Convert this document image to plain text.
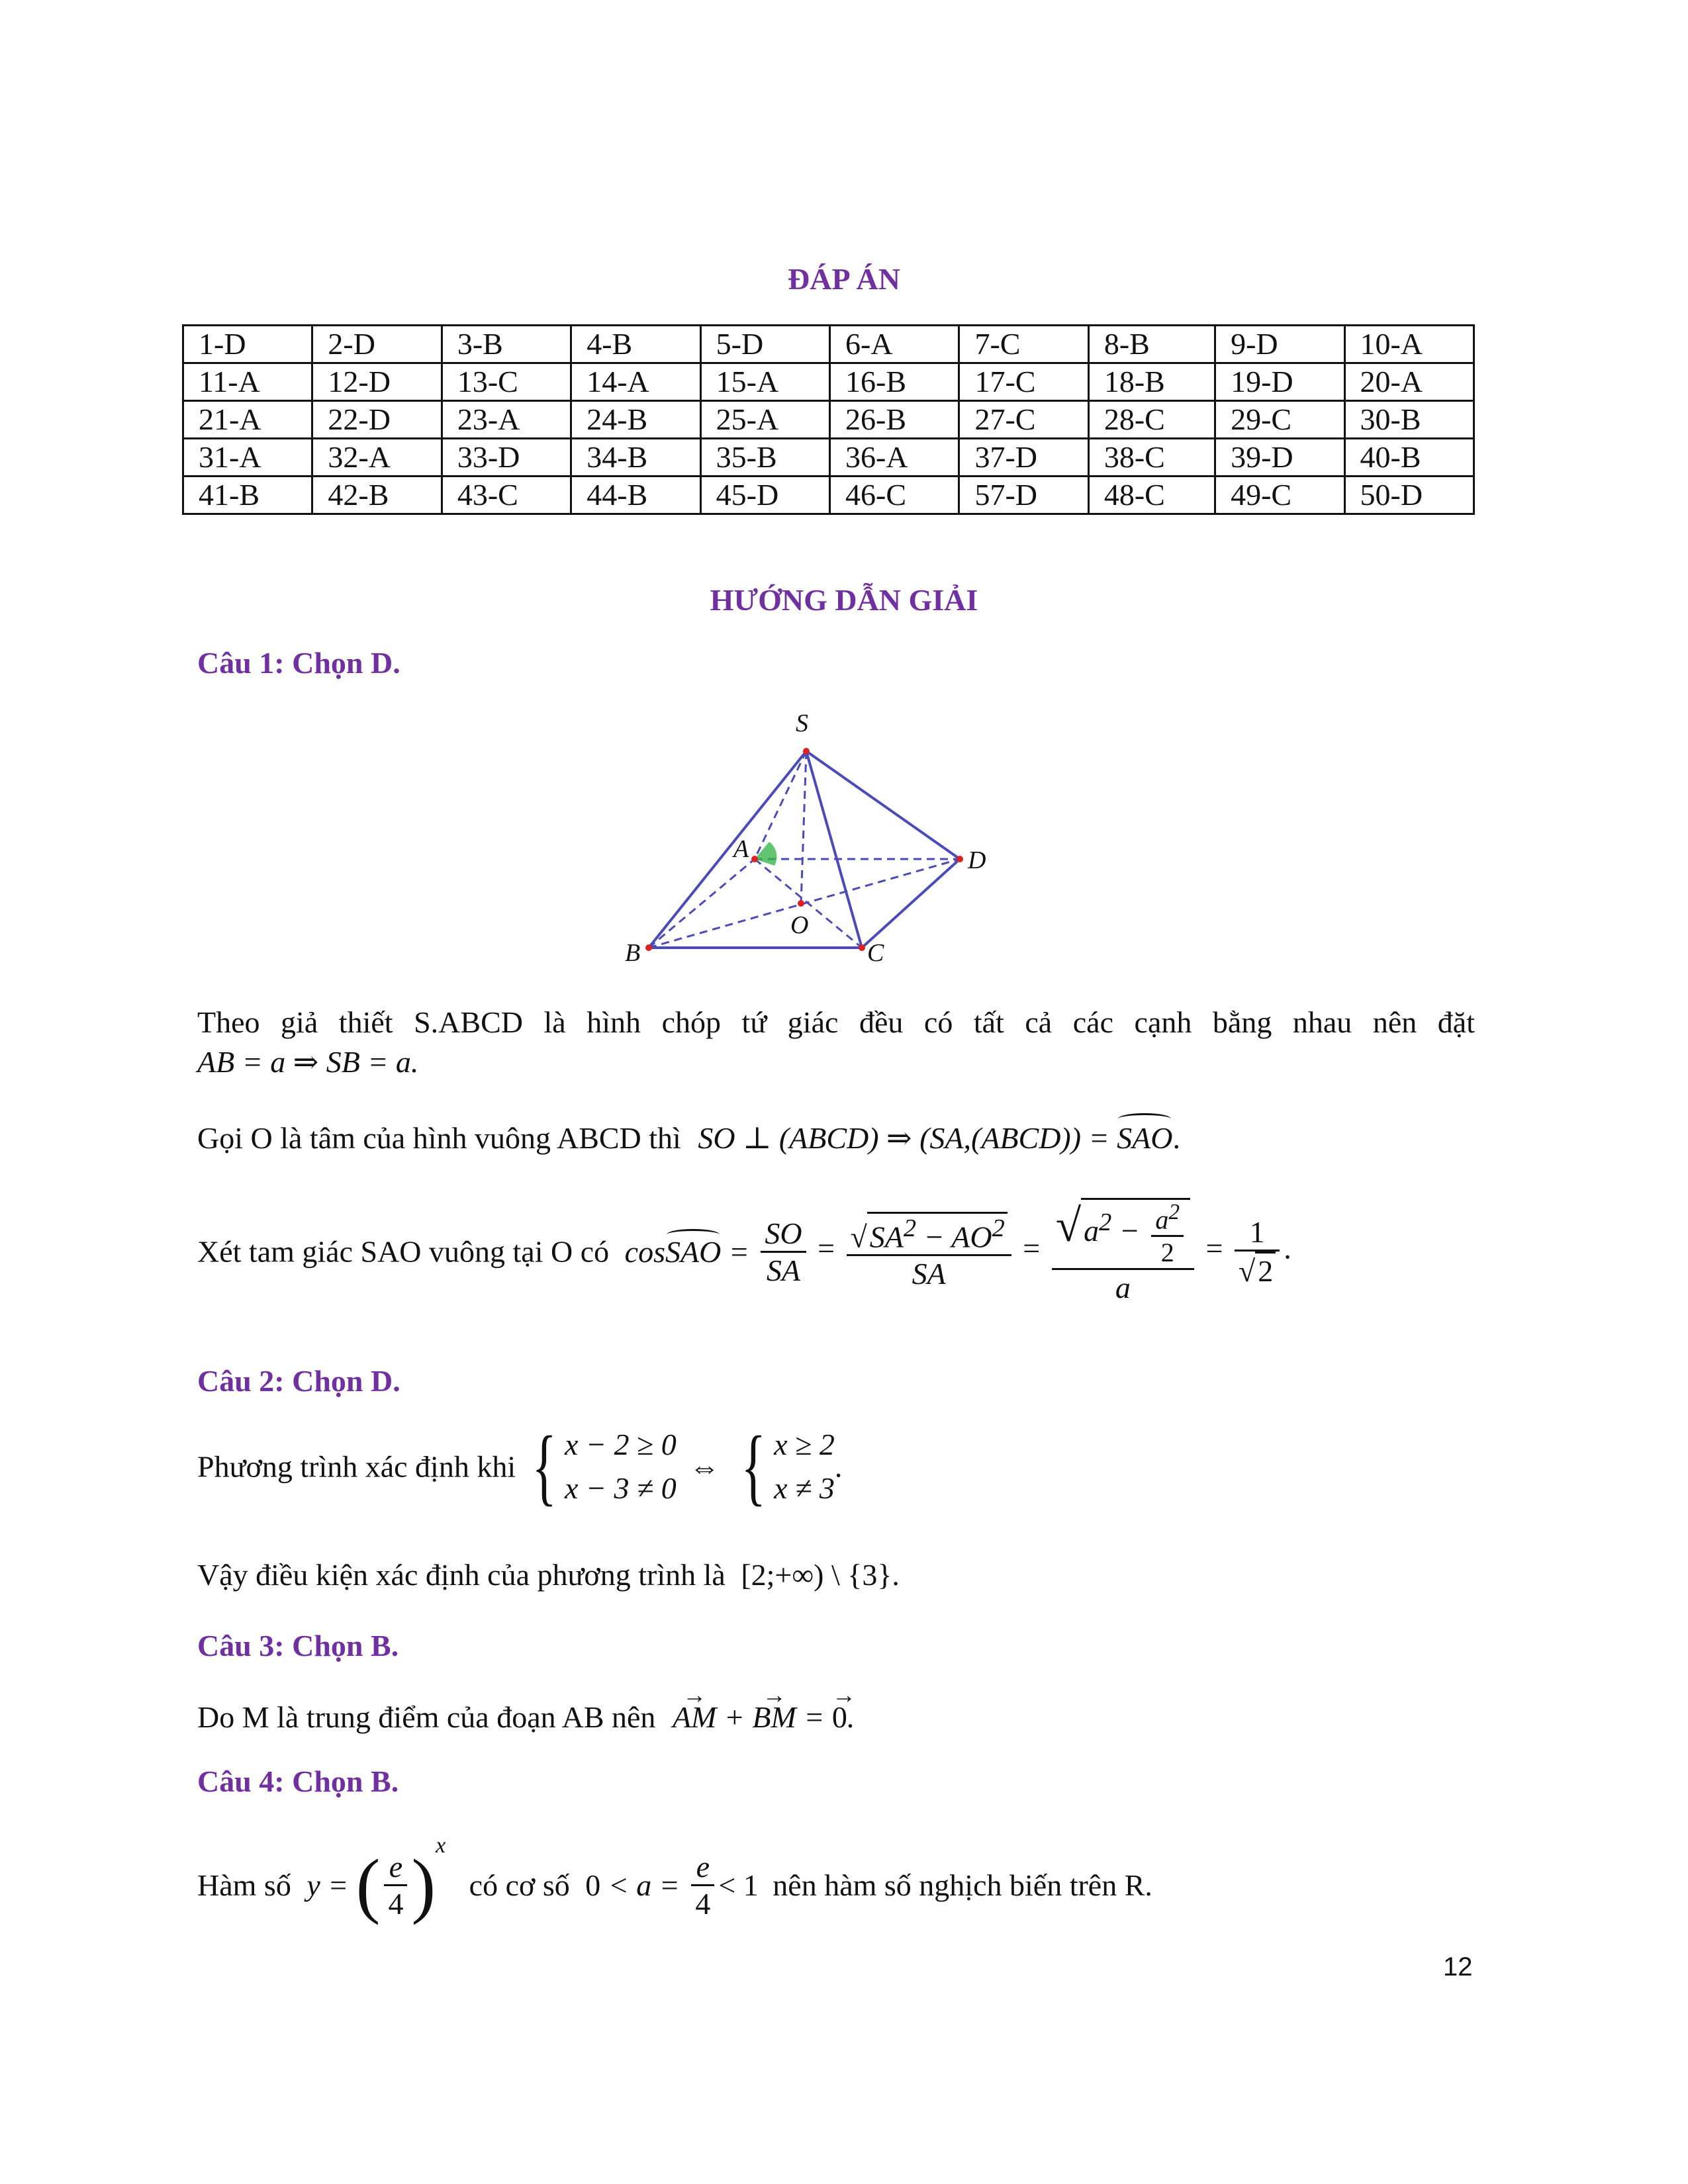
ĐÁP ÁN
1-D	2-D	3-B	4-B	5-D	6-A	7-C	8-B	9-D	10-A
11-A	12-D	13-C	14-A	15-A	16-B	17-C	18-B	19-D	20-A
21-A	22-D	23-A	24-B	25-A	26-B	27-C	28-C	29-C	30-B
31-A	32-A	33-D	34-B	35-B	36-A	37-D	38-C	39-D	40-B
41-B	42-B	43-C	44-B	45-D	46-C	57-D	48-C	49-C	50-D
HƯỚNG DẪN GIẢI
Câu 1: Chọn D.
S
A	D
O
B	C
Theo giả thiết S.ABCD là hình chóp tứ giác đều có tất cả các cạnh bằng nhau nên đặt
AB = a ⇒ SB = a.
Gọi O là tâm của hình vuông ABCD thì SO ⊥ (ABCD) ⇒ (SA,(ABCD)) = SAO.
Xét tam giác SAO vuông tại O có cosSAO = $\frac{SO}{SA} = \frac{√SA^2 - AO^2}{SA} = \frac{√a^2 - \frac{a^2}{2}}{a} = \frac{1}{√2}$ .
Câu 2: Chọn D.
Phương trình xác định khi { x − 2 ≥ 0
x − 3 ≠ 0
⇔ { x ≥ 2
x ≠ 3
.
Vậy điều kiện xác định của phương trình là [2;+∞) \ {3}.
Câu 3: Chọn B.
Do M là trung điểm của đoạn AB nên AM → + BM → = 0 →.
Câu 4: Chọn B.
Hàm số y = ( $\frac{e}{4} )^x$ có cơ số $0 < a = \frac{e}{4} < 1$ nên hàm số nghịch biến trên R.
12
